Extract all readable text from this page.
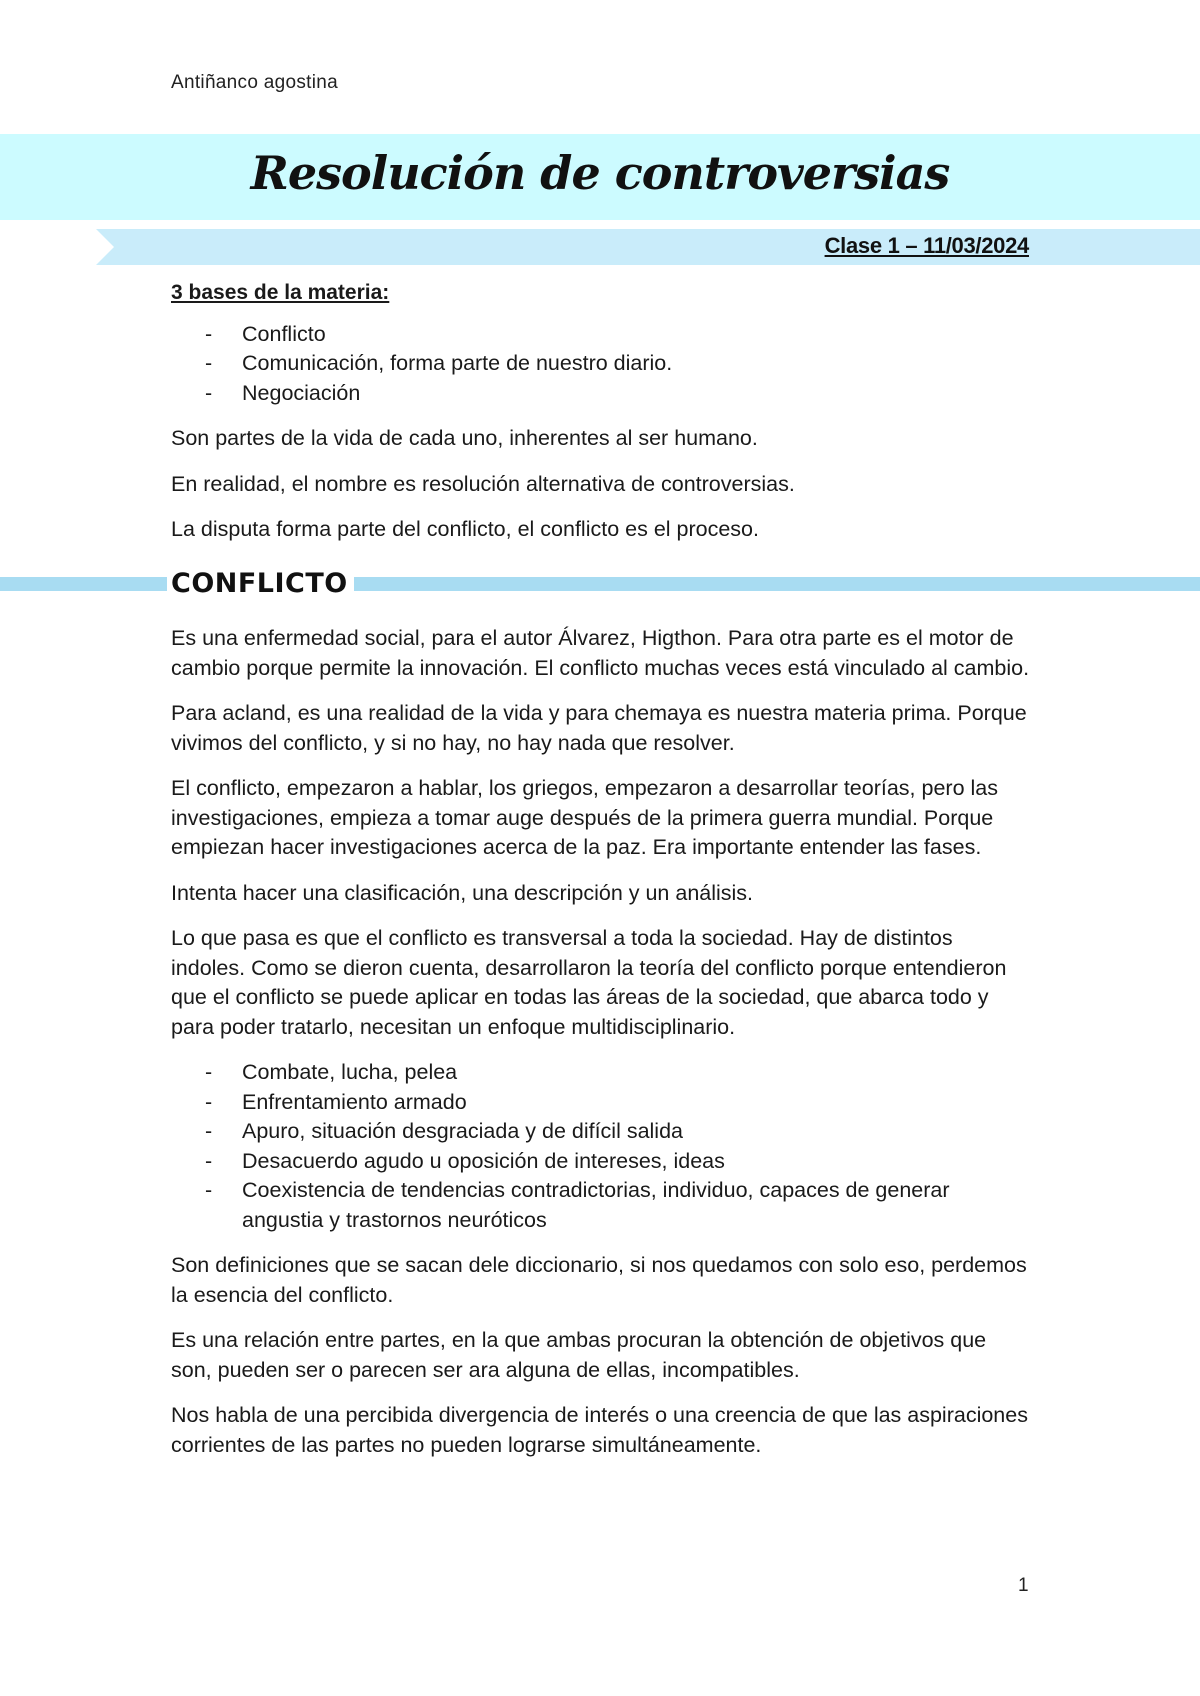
Antiñanco agostina
Resolución de controversias
Clase 1 – 11/03/2024

3 bases de la materia:

- Conflicto
- Comunicación, forma parte de nuestro diario.
- Negociación

Son partes de la vida de cada uno, inherentes al ser humano.

En realidad, el nombre es resolución alternativa de controversias.

La disputa forma parte del conflicto, el conflicto es el proceso.

CONFLICTO

Es una enfermedad social, para el autor Álvarez, Higthon. Para otra parte es el motor de cambio porque permite la innovación. El conflicto muchas veces está vinculado al cambio.

Para acland, es una realidad de la vida y para chemaya es nuestra materia prima. Porque vivimos del conflicto, y si no hay, no hay nada que resolver.

El conflicto, empezaron a hablar, los griegos, empezaron a desarrollar teorías, pero las investigaciones, empieza a tomar auge después de la primera guerra mundial. Porque empiezan hacer investigaciones acerca de la paz. Era importante entender las fases.

Intenta hacer una clasificación, una descripción y un análisis.

Lo que pasa es que el conflicto es transversal a toda la sociedad. Hay de distintos indoles. Como se dieron cuenta, desarrollaron la teoría del conflicto porque entendieron que el conflicto se puede aplicar en todas las áreas de la sociedad, que abarca todo y para poder tratarlo, necesitan un enfoque multidisciplinario.

- Combate, lucha, pelea
- Enfrentamiento armado
- Apuro, situación desgraciada y de difícil salida
- Desacuerdo agudo u oposición de intereses, ideas
- Coexistencia de tendencias contradictorias, individuo, capaces de generar angustia y trastornos neuróticos

Son definiciones que se sacan dele diccionario, si nos quedamos con solo eso, perdemos la esencia del conflicto.

Es una relación entre partes, en la que ambas procuran la obtención de objetivos que son, pueden ser o parecen ser ara alguna de ellas, incompatibles.

Nos habla de una percibida divergencia de interés o una creencia de que las aspiraciones corrientes de las partes no pueden lograrse simultáneamente.

1
